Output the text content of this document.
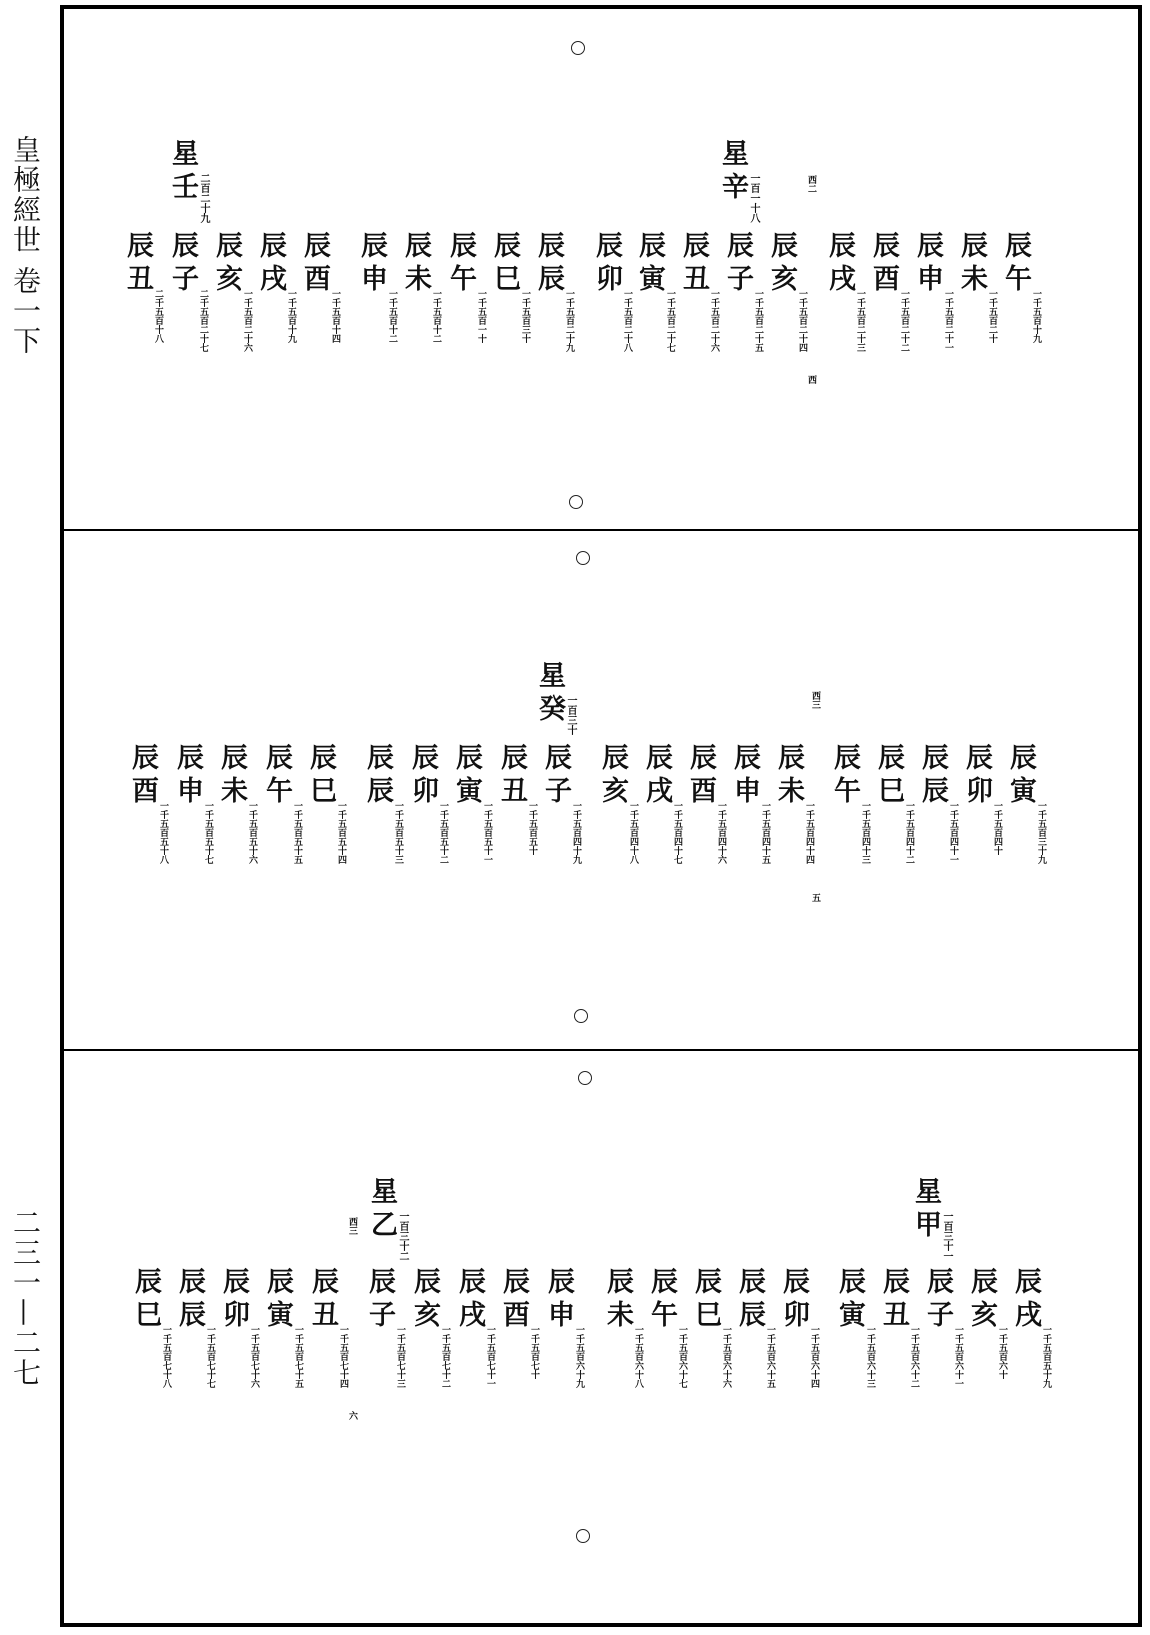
皇極經世 卷一下
二三一—二七
星壬 二百二十九	星辛 一百一十八
辰丑
二千五百十八
辰子
二千五百二十七
辰亥
一千五百二十六
辰戌
一千五百十九
辰酉
一千五百十四
辰申
一千五百十二
辰未
一千五百十二
辰午
一千五百一十
辰巳
一千五百三十
辰辰
一千五百二十九
辰卯
一千五百二十八
辰寅
一千五百二十七
辰丑
一千五百二十六
辰子
一千五百二十五
辰亥
一千五百二十四
辰戌
一千五百二十三
辰酉
一千五百二十二
辰申
一千五百二十一
辰未
一千五百二十
辰午
一千五百十九
西二
西
星癸 一百三十
辰酉
一千五百五十八
辰申
一千五百五十七
辰未
一千五百五十六
辰午
一千五百五十五
辰巳
一千五百五十四
辰辰
一千五百五十三
辰卯
一千五百五十二
辰寅
一千五百五十一
辰丑
一千五百五十
辰子
一千五百四十九
辰亥
一千五百四十八
辰戌
一千五百四十七
辰酉
一千五百四十六
辰申
一千五百四十五
辰未
一千五百四十四
辰午
一千五百四十三
辰巳
一千五百四十二
辰辰
一千五百四十一
辰卯
一千五百四十
辰寅
一千五百三十九
西三
五
星乙 一百三十二	星甲 一百三十一
辰巳
一千五百七十八
辰辰
一千五百七十七
辰卯
一千五百七十六
辰寅
一千五百七十五
辰丑
一千五百七十四
辰子
一千五百七十三
辰亥
一千五百七十二
辰戌
一千五百七十一
辰酉
一千五百七十
辰申
一千五百六十九
辰未
一千五百六十八
辰午
一千五百六十七
辰巳
一千五百六十六
辰辰
一千五百六十五
辰卯
一千五百六十四
辰寅
一千五百六十三
辰丑
一千五百六十二
辰子
一千五百六十一
辰亥
一千五百六十
辰戌
一千五百五十九
西三
六
